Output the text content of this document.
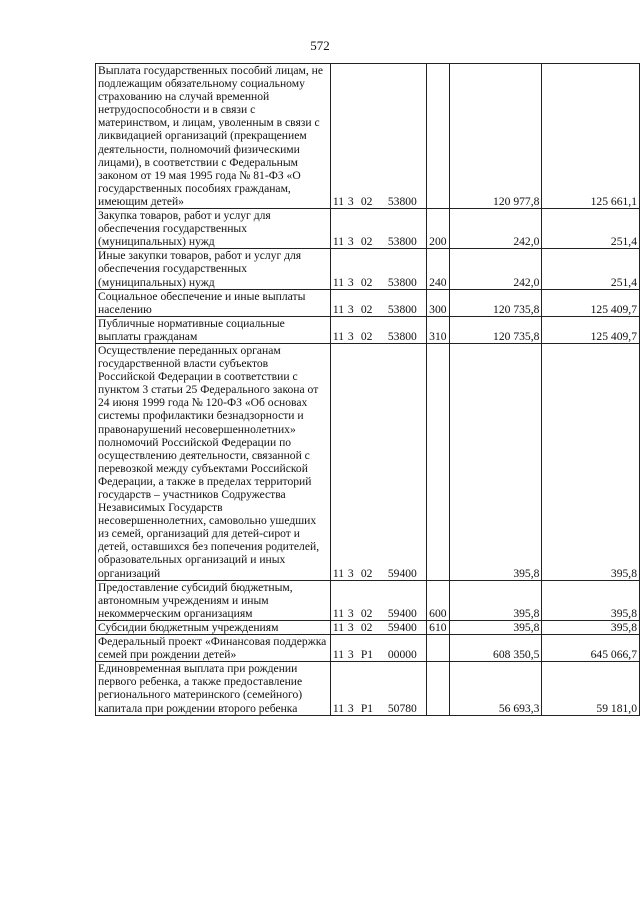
572
Выплата государственных пособий лицам, не подлежащим обязательному социальному страхованию на случай временной нетрудоспособности и в связи с материнством, и лицам, уволенным в связи с ликвидацией организаций (прекращением деятельности, полномочий физическими лицами), в соответствии с Федеральным законом от 19 мая 1995 года № 81-ФЗ «О государственных пособиях гражданам, имеющим детей»	11 3 02 53800		120 977,8	125 661,1
Закупка товаров, работ и услуг для обеспечения государственных (муниципальных) нужд	11 3 02 53800	200	242,0	251,4
Иные закупки товаров, работ и услуг для обеспечения государственных (муниципальных) нужд	11 3 02 53800	240	242,0	251,4
Социальное обеспечение и иные выплаты населению	11 3 02 53800	300	120 735,8	125 409,7
Публичные нормативные социальные выплаты гражданам	11 3 02 53800	310	120 735,8	125 409,7
Осуществление переданных органам государственной власти субъектов Российской Федерации в соответствии с пунктом 3 статьи 25 Федерального закона от 24 июня 1999 года № 120-ФЗ «Об основах системы профилактики безнадзорности и правонарушений несовершеннолетних» полномочий Российской Федерации по осуществлению деятельности, связанной с перевозкой между субъектами Российской Федерации, а также в пределах территорий государств – участников Содружества Независимых Государств несовершеннолетних, самовольно ушедших из семей, организаций для детей-сирот и детей, оставшихся без попечения родителей, образовательных организаций и иных организаций	11 3 02 59400		395,8	395,8
Предоставление субсидий бюджетным, автономным учреждениям и иным некоммерческим организациям	11 3 02 59400	600	395,8	395,8
Субсидии бюджетным учреждениям	11 3 02 59400	610	395,8	395,8
Федеральный проект «Финансовая поддержка семей при рождении детей»	11 3 P1 00000		608 350,5	645 066,7
Единовременная выплата при рождении первого ребенка, а также предоставление регионального материнского (семейного) капитала при рождении второго ребенка	11 3 P1 50780		56 693,3	59 181,0
